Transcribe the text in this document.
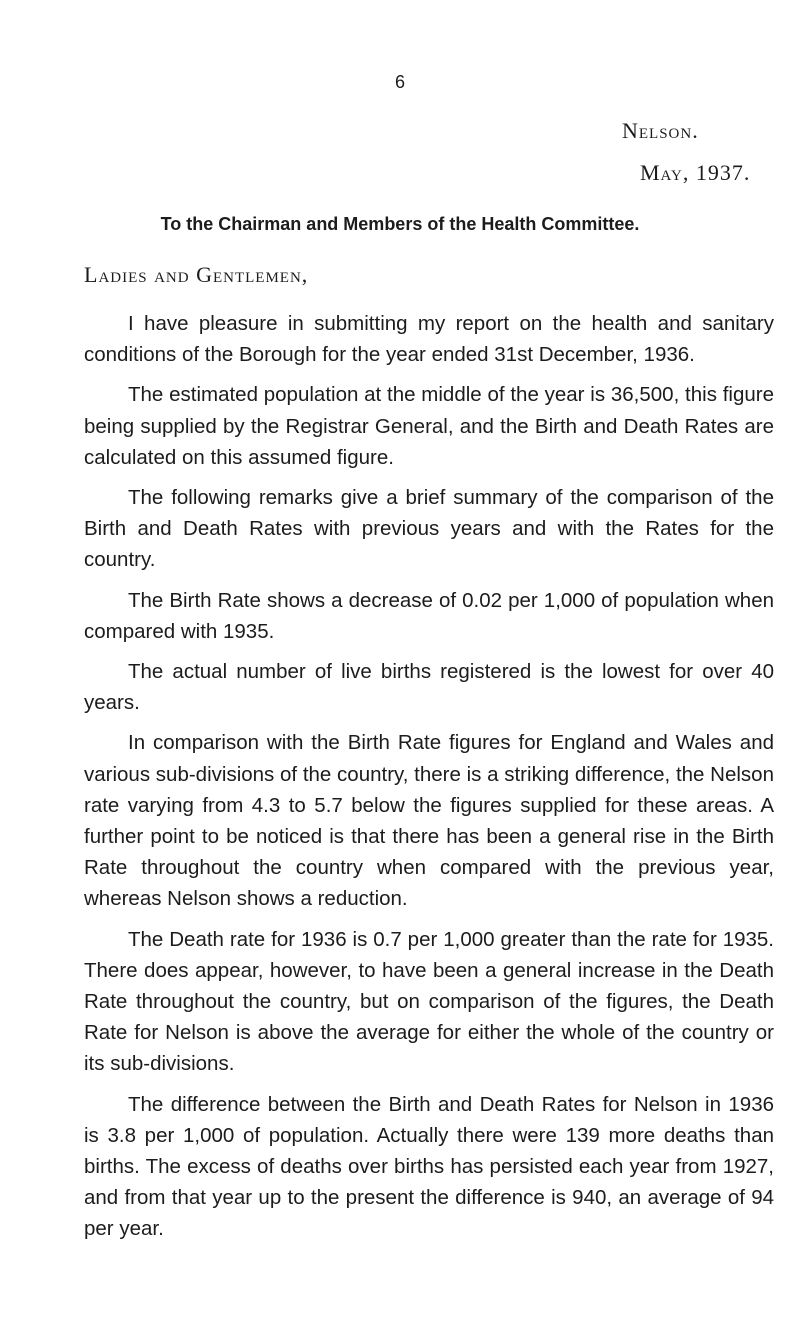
6
Nelson.
May, 1937.
To the Chairman and Members of the Health Committee.
Ladies and Gentlemen,

I have pleasure in submitting my report on the health and sanitary conditions of the Borough for the year ended 31st December, 1936.

The estimated population at the middle of the year is 36,500, this figure being supplied by the Registrar General, and the Birth and Death Rates are calculated on this assumed figure.

The following remarks give a brief summary of the comparison of the Birth and Death Rates with previous years and with the Rates for the country.

The Birth Rate shows a decrease of 0.02 per 1,000 of population when compared with 1935.

The actual number of live births registered is the lowest for over 40 years.

In comparison with the Birth Rate figures for England and Wales and various sub-divisions of the country, there is a striking difference, the Nelson rate varying from 4.3 to 5.7 below the figures supplied for these areas. A further point to be noticed is that there has been a general rise in the Birth Rate throughout the country when compared with the previous year, whereas Nelson shows a reduction.

The Death rate for 1936 is 0.7 per 1,000 greater than the rate for 1935. There does appear, however, to have been a general increase in the Death Rate throughout the country, but on comparison of the figures, the Death Rate for Nelson is above the average for either the whole of the country or its sub-divisions.

The difference between the Birth and Death Rates for Nelson in 1936 is 3.8 per 1,000 of population. Actually there were 139 more deaths than births. The excess of deaths over births has persisted each year from 1927, and from that year up to the present the difference is 940, an average of 94 per year.
